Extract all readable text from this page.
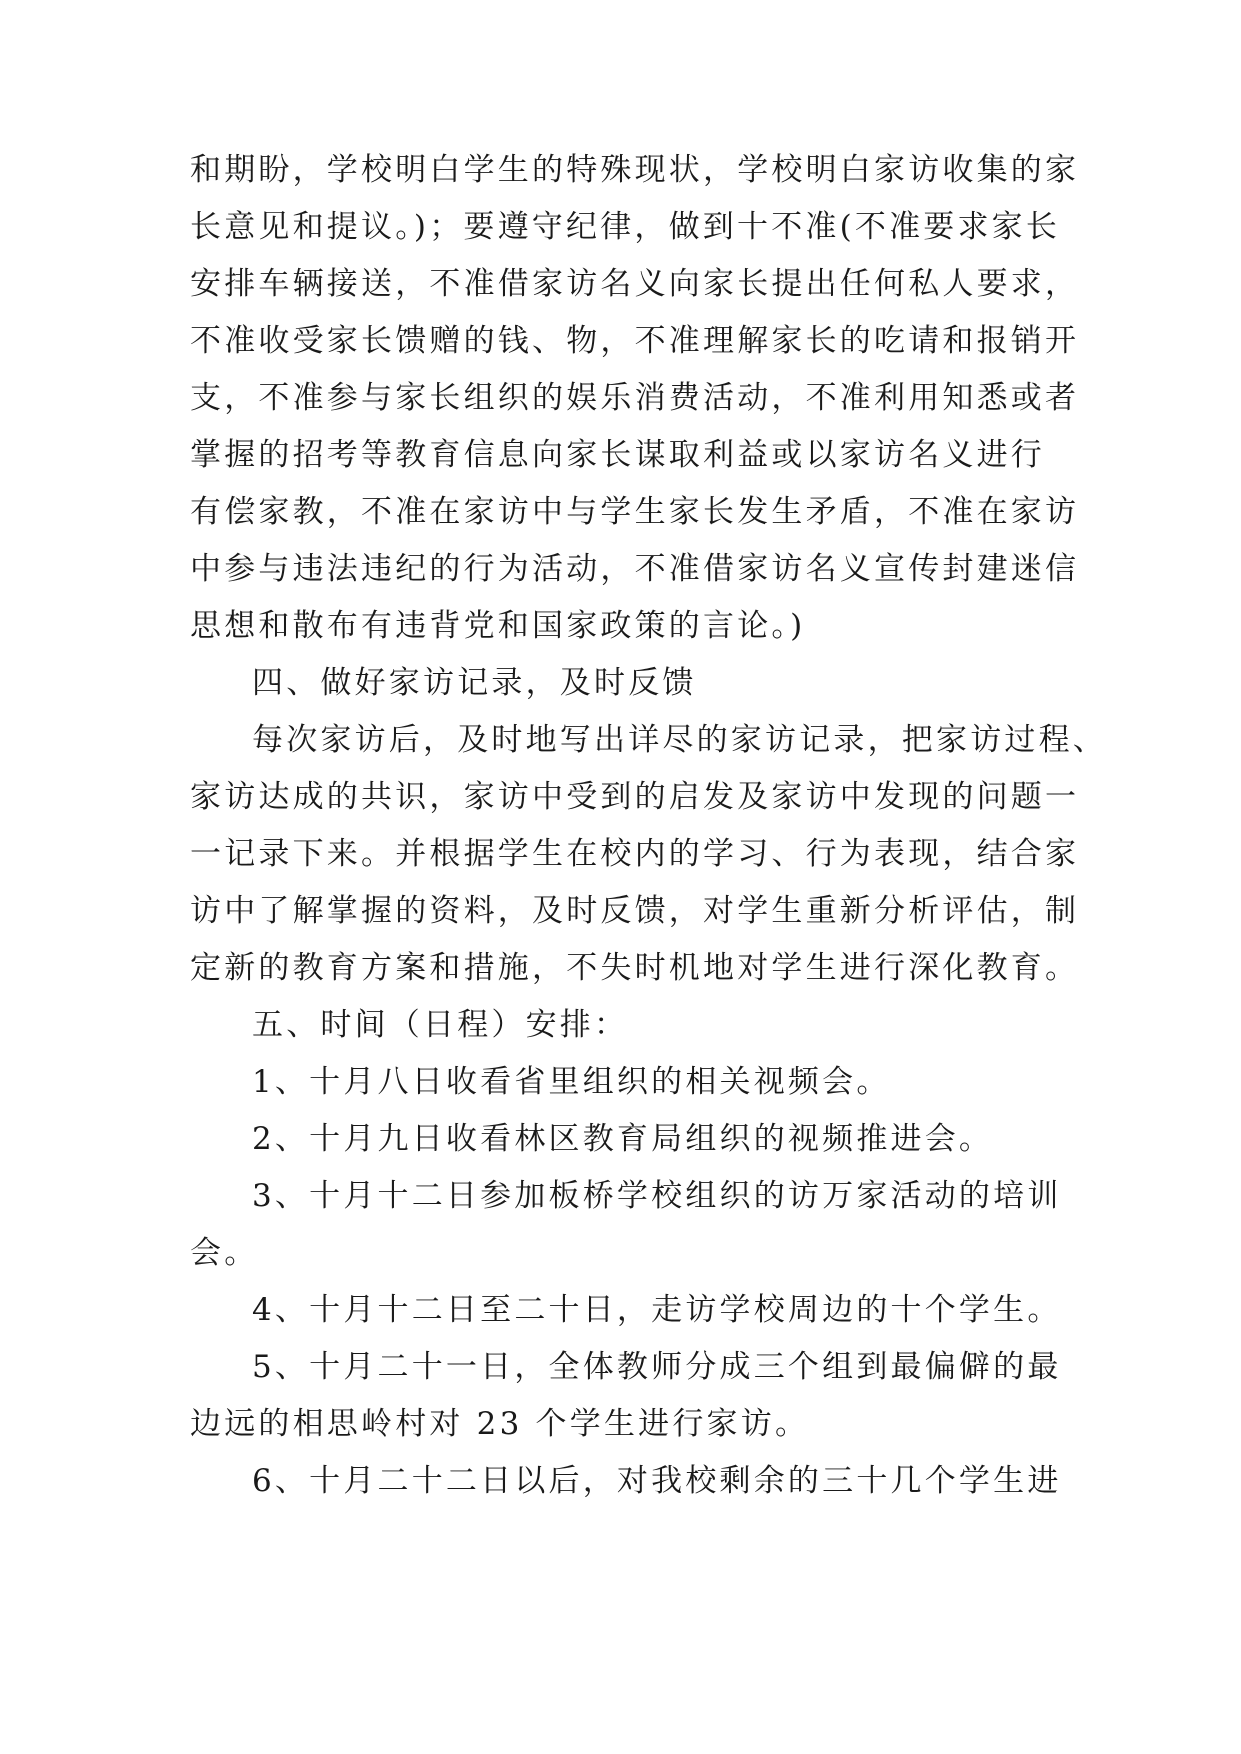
和期盼，学校明白学生的特殊现状，学校明白家访收集的家
长意见和提议。)；要遵守纪律，做到十不准(不准要求家长
安排车辆接送，不准借家访名义向家长提出任何私人要求，
不准收受家长馈赠的钱、物，不准理解家长的吃请和报销开
支，不准参与家长组织的娱乐消费活动，不准利用知悉或者
掌握的招考等教育信息向家长谋取利益或以家访名义进行
有偿家教，不准在家访中与学生家长发生矛盾，不准在家访
中参与违法违纪的行为活动，不准借家访名义宣传封建迷信
思想和散布有违背党和国家政策的言论。)
四、做好家访记录，及时反馈
每次家访后，及时地写出详尽的家访记录，把家访过程、
家访达成的共识，家访中受到的启发及家访中发现的问题一
一记录下来。并根据学生在校内的学习、行为表现，结合家
访中了解掌握的资料，及时反馈，对学生重新分析评估，制
定新的教育方案和措施，不失时机地对学生进行深化教育。
五、时间（日程）安排：
1、十月八日收看省里组织的相关视频会。
2、十月九日收看林区教育局组织的视频推进会。
3、十月十二日参加板桥学校组织的访万家活动的培训
会。
4、十月十二日至二十日，走访学校周边的十个学生。
5、十月二十一日，全体教师分成三个组到最偏僻的最
边远的相思岭村对 23 个学生进行家访。
6、十月二十二日以后，对我校剩余的三十几个学生进
